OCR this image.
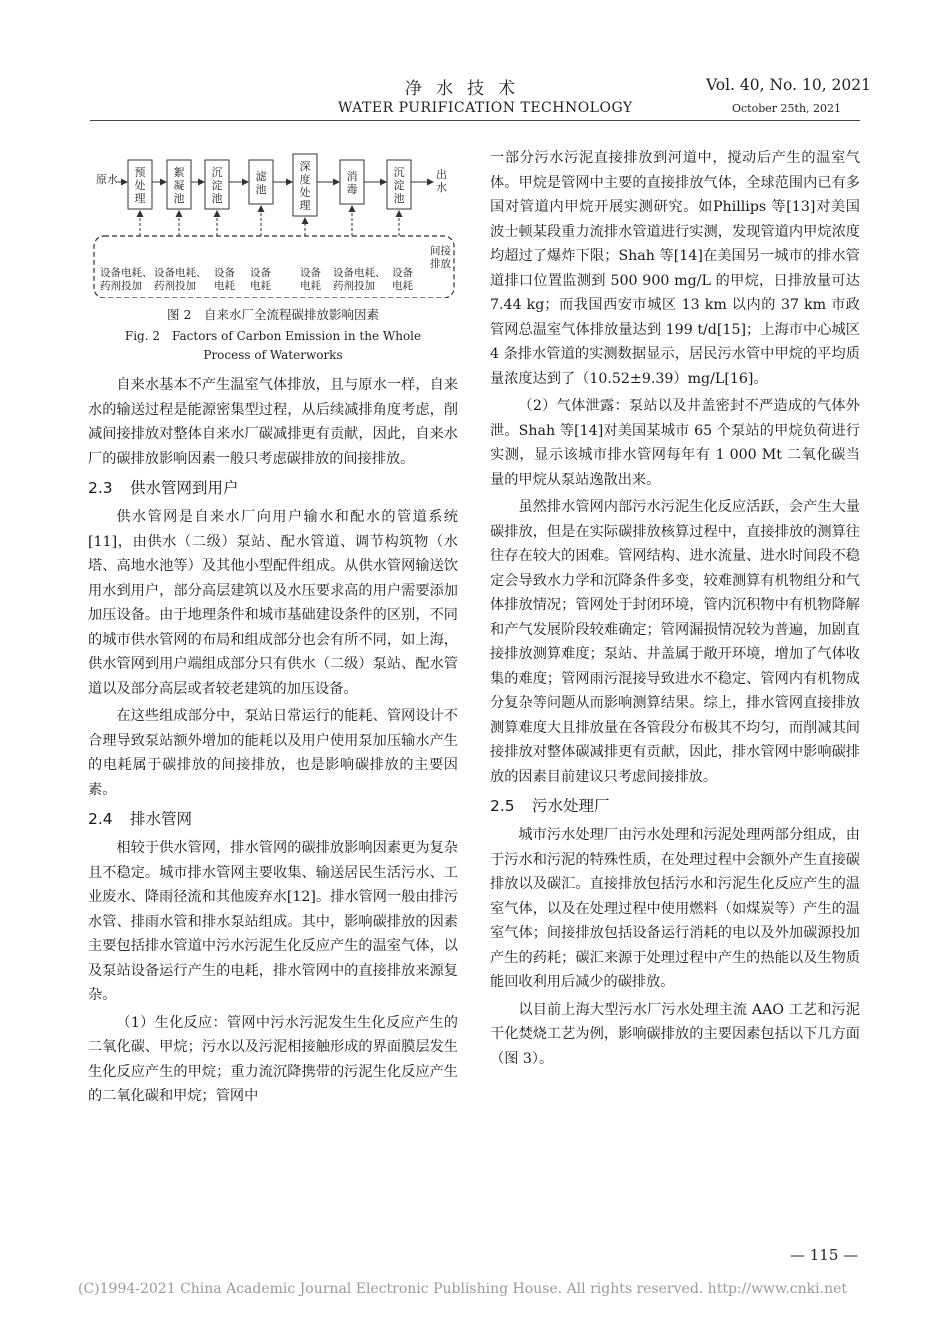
净水技术
WATER PURIFICATION TECHNOLOGY
Vol. 40, No. 10, 2021
October 25th, 2021
原水
预处理
絮凝池
沉淀池
滤池
深度处理
消毒
沉淀池
出
水
间接
排放
设备电耗、药剂投加
设备电耗、药剂投加
设备电耗
设备电耗
设备电耗
设备电耗、药剂投加
设备电耗
图 2　自来水厂全流程碳排放影响因素
Fig. 2　Factors of Carbon Emission in the Whole
Process of Waterworks

自来水基本不产生温室气体排放，且与原水一样，自来水的输送过程是能源密集型过程，从后续减排角度考虑，削减间接排放对整体自来水厂碳减排更有贡献，因此，自来水厂的碳排放影响因素一般只考虑碳排放的间接排放。

2.3 供水管网到用户

供水管网是自来水厂向用户输水和配水的管道系统[11]，由供水（二级）泵站、配水管道、调节构筑物（水塔、高地水池等）及其他小型配件组成。从供水管网输送饮用水到用户，部分高层建筑以及水压要求高的用户需要添加加压设备。由于地理条件和城市基础建设条件的区别，不同的城市供水管网的布局和组成部分也会有所不同，如上海，供水管网到用户端组成部分只有供水（二级）泵站、配水管道以及部分高层或者较老建筑的加压设备。

在这些组成部分中，泵站日常运行的能耗、管网设计不合理导致泵站额外增加的能耗以及用户使用泵加压输水产生的电耗属于碳排放的间接排放，也是影响碳排放的主要因素。

2.4 排水管网

相较于供水管网，排水管网的碳排放影响因素更为复杂且不稳定。城市排水管网主要收集、输送居民生活污水、工业废水、降雨径流和其他废弃水[12]。排水管网一般由排污水管、排雨水管和排水泵站组成。其中，影响碳排放的因素主要包括排水管道中污水污泥生化反应产生的温室气体，以及泵站设备运行产生的电耗，排水管网中的直接排放来源复杂。

（1）生化反应：管网中污水污泥发生生化反应产生的二氧化碳、甲烷；污水以及污泥相接触形成的界面膜层发生生化反应产生的甲烷；重力流沉降携带的污泥生化反应产生的二氧化碳和甲烷；管网中

一部分污水污泥直接排放到河道中，搅动后产生的温室气体。甲烷是管网中主要的直接排放气体，全球范围内已有多国对管道内甲烷开展实测研究。如Phillips 等[13]对美国波士顿某段重力流排水管道进行实测，发现管道内甲烷浓度均超过了爆炸下限；Shah 等[14]在美国另一城市的排水管道排口位置监测到 500 900 mg/L 的甲烷，日排放量可达 7.44 kg；而我国西安市城区 13 km 以内的 37 km 市政管网总温室气体排放量达到 199 t/d[15]；上海市中心城区 4 条排水管道的实测数据显示，居民污水管中甲烷的平均质量浓度达到了（10.52±9.39）mg/L[16]。

（2）气体泄露：泵站以及井盖密封不严造成的气体外泄。Shah 等[14]对美国某城市 65 个泵站的甲烷负荷进行实测，显示该城市排水管网每年有 1 000 Mt 二氧化碳当量的甲烷从泵站逸散出来。

虽然排水管网内部污水污泥生化反应活跃，会产生大量碳排放，但是在实际碳排放核算过程中，直接排放的测算往往存在较大的困难。管网结构、进水流量、进水时间段不稳定会导致水力学和沉降条件多变，较难测算有机物组分和气体排放情况；管网处于封闭环境，管内沉积物中有机物降解和产气发展阶段较难确定；管网漏损情况较为普遍，加剧直接排放测算难度；泵站、井盖属于敞开环境，增加了气体收集的难度；管网雨污混接导致进水不稳定、管网内有机物成分复杂等问题从而影响测算结果。综上，排水管网直接排放测算难度大且排放量在各管段分布极其不均匀，而削减其间接排放对整体碳减排更有贡献，因此，排水管网中影响碳排放的因素目前建议只考虑间接排放。

2.5 污水处理厂

城市污水处理厂由污水处理和污泥处理两部分组成，由于污水和污泥的特殊性质，在处理过程中会额外产生直接碳排放以及碳汇。直接排放包括污水和污泥生化反应产生的温室气体，以及在处理过程中使用燃料（如煤炭等）产生的温室气体；间接排放包括设备运行消耗的电以及外加碳源投加产生的药耗；碳汇来源于处理过程中产生的热能以及生物质能回收利用后减少的碳排放。

以目前上海大型污水厂污水处理主流 AAO 工艺和污泥干化焚烧工艺为例，影响碳排放的主要因素包括以下几方面（图 3）。

— 115 —
(C)1994-2021 China Academic Journal Electronic Publishing House. All rights reserved. http://www.cnki.net
